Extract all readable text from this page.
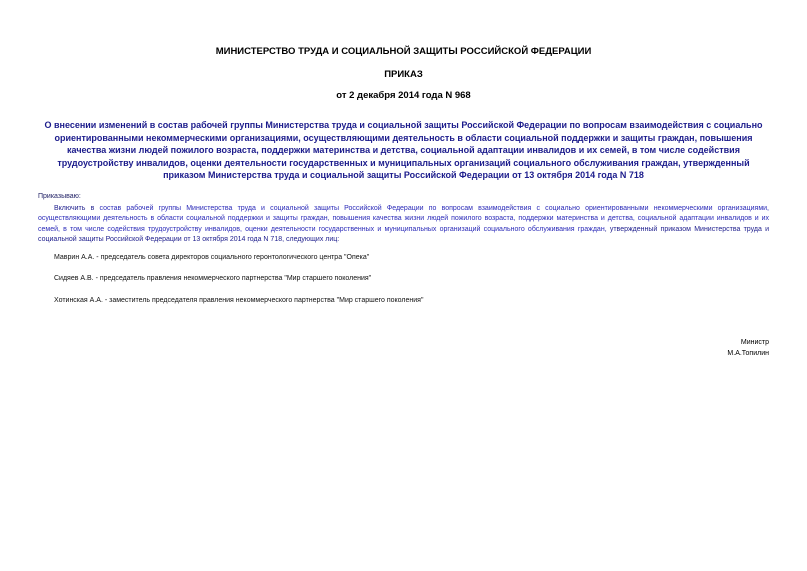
МИНИСТЕРСТВО ТРУДА И СОЦИАЛЬНОЙ ЗАЩИТЫ РОССИЙСКОЙ ФЕДЕРАЦИИ
ПРИКАЗ
от 2 декабря 2014 года N 968
О внесении изменений в состав рабочей группы Министерства труда и социальной защиты Российской Федерации по вопросам взаимодействия с социально ориентированными некоммерческими организациями, осуществляющими деятельность в области социальной поддержки и защиты граждан, повышения качества жизни людей пожилого возраста, поддержки материнства и детства, социальной адаптации инвалидов и их семей, в том числе содействия трудоустройству инвалидов, оценки деятельности государственных и муниципальных организаций социального обслуживания граждан, утвержденный приказом Министерства труда и социальной защиты Российской Федерации от 13 октября 2014 года N 718
Приказываю:
Включить в состав рабочей группы Министерства труда и социальной защиты Российской Федерации по вопросам взаимодействия с социально ориентированными некоммерческими организациями, осуществляющими деятельность в области социальной поддержки и защиты граждан, повышения качества жизни людей пожилого возраста, поддержки материнства и детства, социальной адаптации инвалидов и их семей, в том числе содействия трудоустройству инвалидов, оценки деятельности государственных и муниципальных организаций социального обслуживания граждан, утвержденный приказом Министерства труда и социальной защиты Российской Федерации от 13 октября 2014 года N 718, следующих лиц:
Маврин А.А. - председатель совета директоров социального геронтологического центра "Опека"
Сидяев А.В. - председатель правления некоммерческого партнерства "Мир старшего поколения"
Хотинская А.А. - заместитель председателя правления некоммерческого партнерства "Мир старшего поколения"
Министр
М.А.Топилин
